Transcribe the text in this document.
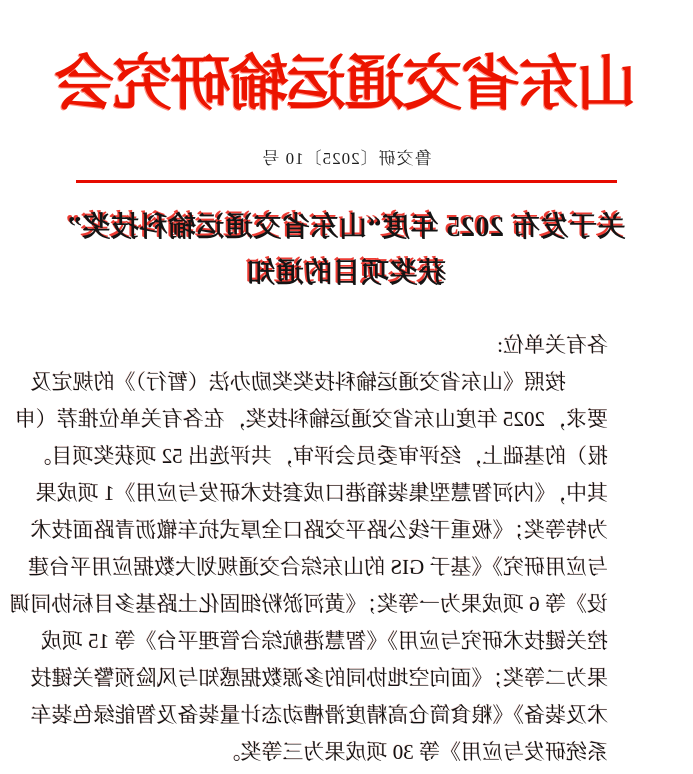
山东省交通运输研究会
鲁交研〔2025〕10 号
关于发布 2025 年度“山东省交通运输科技奖”
获奖项目的通知
各有关单位:
按照《山东省交通运输科技奖奖励办法（暂行）》的规定及
要求，2025 年度山东省交通运输科技奖，在各有关单位推荐（申
报）的基础上，经评审委员会评审，共评选出 52 项获奖项目。
其中，《内河智慧型集装箱港口成套技术研发与应用》1 项成果
为特等奖；《极重干线公路平交路口全厚式抗车辙沥青路面技术
与应用研究》《基于 GIS 的山东综合交通规划大数据应用平台建
设》等 6 项成果为一等奖；《黄河淤粉细固化土路基多目标协同调
控关键技术研究与应用》《智慧港航综合管理平台》等 15 项成
果为二等奖；《面向空地协同的多源数据感知与风险预警关键技
术及装备》《粮食筒仓高精度滑槽动态计量装备及智能绿色装车
系统研发与应用》等 30 项成果为三等奖。
